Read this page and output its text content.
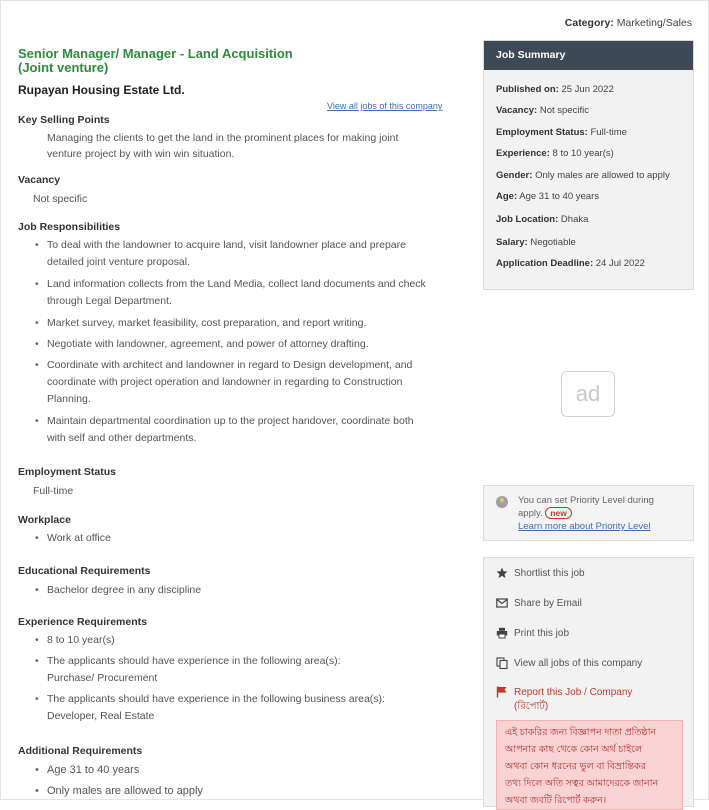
Category: Marketing/Sales
Senior Manager/ Manager - Land Acquisition
(Joint venture)
Rupayan Housing Estate Ltd.
View all jobs of this company
Key Selling Points
Managing the clients to get the land in the prominent places for making joint
venture project by with win win situation.
Vacancy
Not specific
Job Responsibilities
• To deal with the landowner to acquire land, visit landowner place and prepare
detailed joint venture proposal.
• Land information collects from the Land Media, collect land documents and check
through Legal Department.
• Market survey, market feasibility, cost preparation, and report writing.
• Negotiate with landowner, agreement, and power of attorney drafting.
• Coordinate with architect and landowner in regard to Design development, and
coordinate with project operation and landowner in regarding to Construction
Planning.
• Maintain departmental coordination up to the project handover, coordinate both
with self and other departments.
Employment Status
Full-time
Workplace
• Work at office
Educational Requirements
• Bachelor degree in any discipline
Experience Requirements
• 8 to 10 year(s)
• The applicants should have experience in the following area(s):
Purchase/ Procurement
• The applicants should have experience in the following business area(s):
Developer, Real Estate
Additional Requirements
• Age 31 to 40 years
• Only males are allowed to apply
Job Summary
Published on: 25 Jun 2022
Vacancy: Not specific
Employment Status: Full-time
Experience: 8 to 10 year(s)
Gender: Only males are allowed to apply
Age: Age 31 to 40 years
Job Location: Dhaka
Salary: Negotiable
Application Deadline: 24 Jul 2022
ad
You can set Priority Level during
apply. new
Learn more about Priority Level
Shortlist this job
Share by Email
Print this job
View all jobs of this company
Report this Job / Company
(রিপোর্ট)
এই চাকরির জন্য বিজ্ঞাপন দাতা প্রতিষ্ঠান
আপনার কাছ থেকে কোন অর্থ চাইলে
অথবা কোন ধরনের ভুল বা বিভ্রান্তিকর
তথ্য দিলে অতি সত্বর আমাদেরকে জানান
অথবা জবটি রিপোর্ট করুন।
